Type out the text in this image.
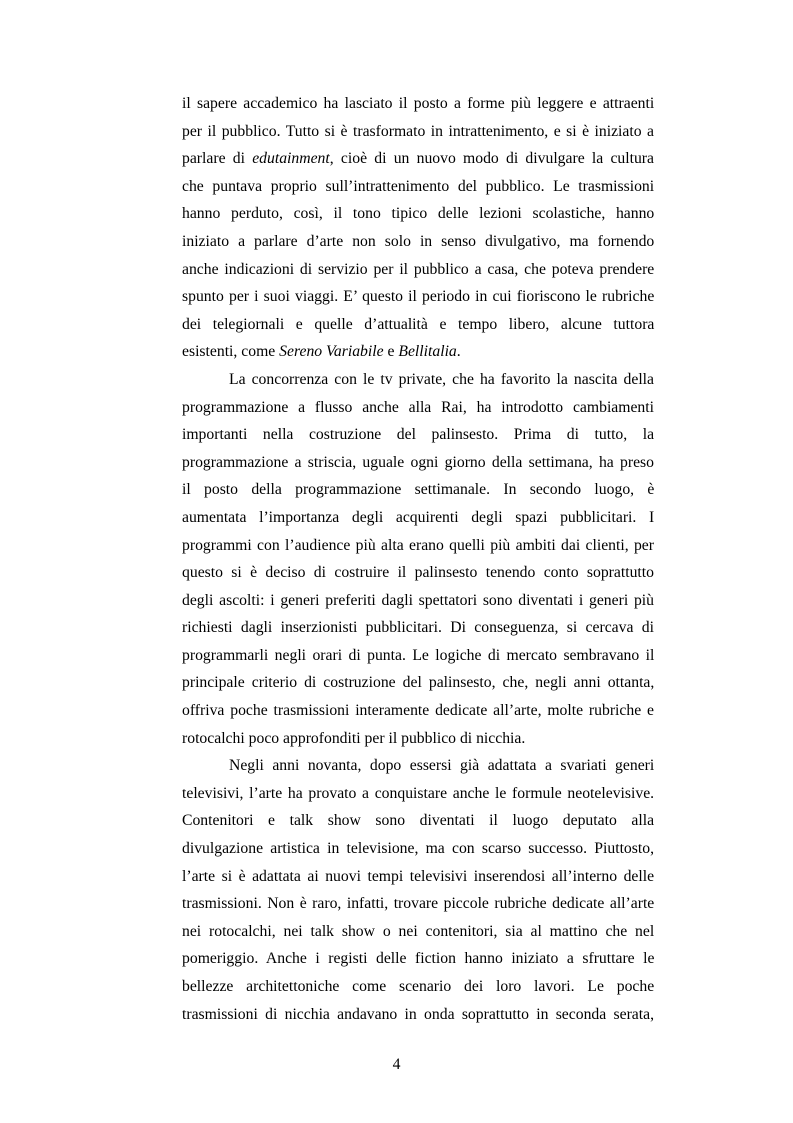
il sapere accademico ha lasciato il posto a forme più leggere e attraenti
per il pubblico. Tutto si è trasformato in intrattenimento, e si è iniziato a
parlare di edutainment, cioè di un nuovo modo di divulgare la cultura
che puntava proprio sull’intrattenimento del pubblico. Le trasmissioni
hanno perduto, così, il tono tipico delle lezioni scolastiche, hanno
iniziato a parlare d’arte non solo in senso divulgativo, ma fornendo
anche indicazioni di servizio per il pubblico a casa, che poteva prendere
spunto per i suoi viaggi. E’ questo il periodo in cui fioriscono le rubriche
dei telegiornali e quelle d’attualità e tempo libero, alcune tuttora
esistenti, come Sereno Variabile e Bellitalia.
La concorrenza con le tv private, che ha favorito la nascita della
programmazione a flusso anche alla Rai, ha introdotto cambiamenti
importanti nella costruzione del palinsesto. Prima di tutto, la
programmazione a striscia, uguale ogni giorno della settimana, ha preso
il posto della programmazione settimanale. In secondo luogo, è
aumentata l’importanza degli acquirenti degli spazi pubblicitari. I
programmi con l’audience più alta erano quelli più ambiti dai clienti, per
questo si è deciso di costruire il palinsesto tenendo conto soprattutto
degli ascolti: i generi preferiti dagli spettatori sono diventati i generi più
richiesti dagli inserzionisti pubblicitari. Di conseguenza, si cercava di
programmarli negli orari di punta. Le logiche di mercato sembravano il
principale criterio di costruzione del palinsesto, che, negli anni ottanta,
offriva poche trasmissioni interamente dedicate all’arte, molte rubriche e
rotocalchi poco approfonditi per il pubblico di nicchia.
Negli anni novanta, dopo essersi già adattata a svariati generi
televisivi, l’arte ha provato a conquistare anche le formule neotelevisive.
Contenitori e talk show sono diventati il luogo deputato alla
divulgazione artistica in televisione, ma con scarso successo. Piuttosto,
l’arte si è adattata ai nuovi tempi televisivi inserendosi all’interno delle
trasmissioni. Non è raro, infatti, trovare piccole rubriche dedicate all’arte
nei rotocalchi, nei talk show o nei contenitori, sia al mattino che nel
pomeriggio. Anche i registi delle fiction hanno iniziato a sfruttare le
bellezze architettoniche come scenario dei loro lavori. Le poche
trasmissioni di nicchia andavano in onda soprattutto in seconda serata,
4
